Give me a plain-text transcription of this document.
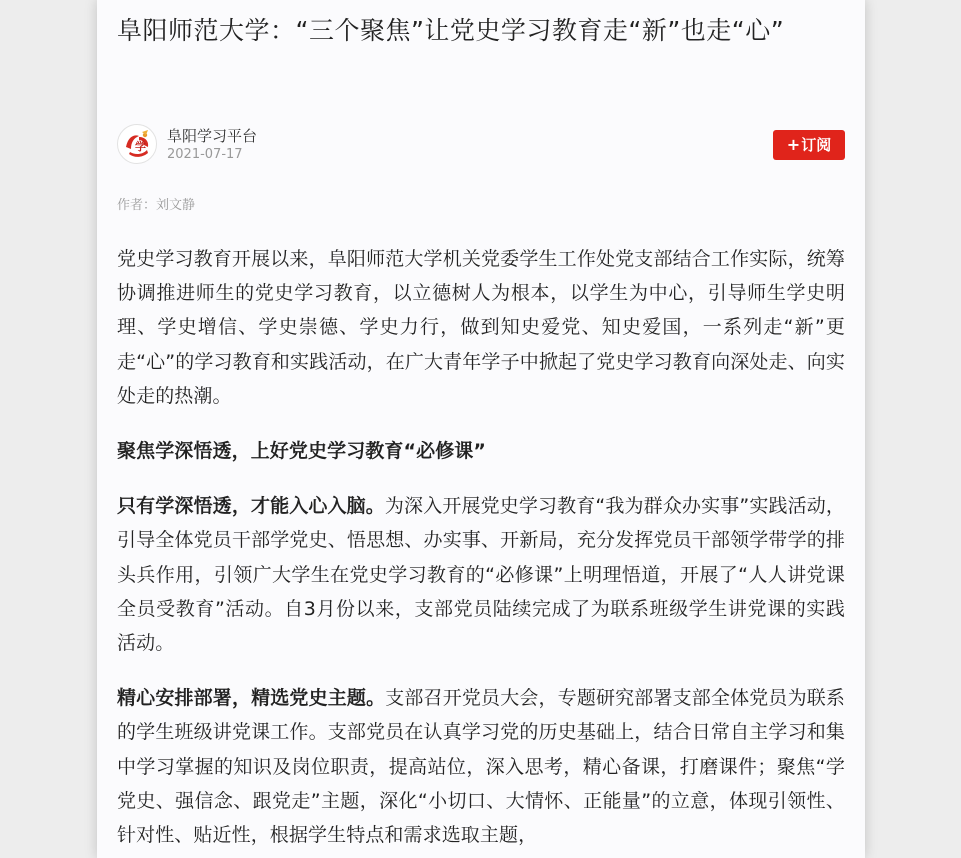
阜阳师范大学：“三个聚焦”让党史学习教育走“新”也走“心”
学
阜阳学习平台
2021-07-17
+订阅
作者：刘文静

党史学习教育开展以来，阜阳师范大学机关党委学生工作处党支部结合工作实际，统筹协调推进师生的党史学习教育，以立德树人为根本，以学生为中心，引导师生学史明理、学史增信、学史崇德、学史力行，做到知史爱党、知史爱国，一系列走“新”更走“心”的学习教育和实践活动，在广大青年学子中掀起了党史学习教育向深处走、向实处走的热潮。

聚焦学深悟透，上好党史学习教育“必修课”

只有学深悟透，才能入心入脑。为深入开展党史学习教育“我为群众办实事”实践活动，引导全体党员干部学党史、悟思想、办实事、开新局，充分发挥党员干部领学带学的排头兵作用，引领广大学生在党史学习教育的“必修课”上明理悟道，开展了“人人讲党课 全员受教育”活动。自3月份以来，支部党员陆续完成了为联系班级学生讲党课的实践活动。

精心安排部署，精选党史主题。支部召开党员大会，专题研究部署支部全体党员为联系的学生班级讲党课工作。支部党员在认真学习党的历史基础上，结合日常自主学习和集中学习掌握的知识及岗位职责，提高站位，深入思考，精心备课，打磨课件；聚焦“学党史、强信念、跟党走”主题，深化“小切口、大情怀、正能量”的立意，体现引领性、针对性、贴近性，根据学生特点和需求选取主题，
